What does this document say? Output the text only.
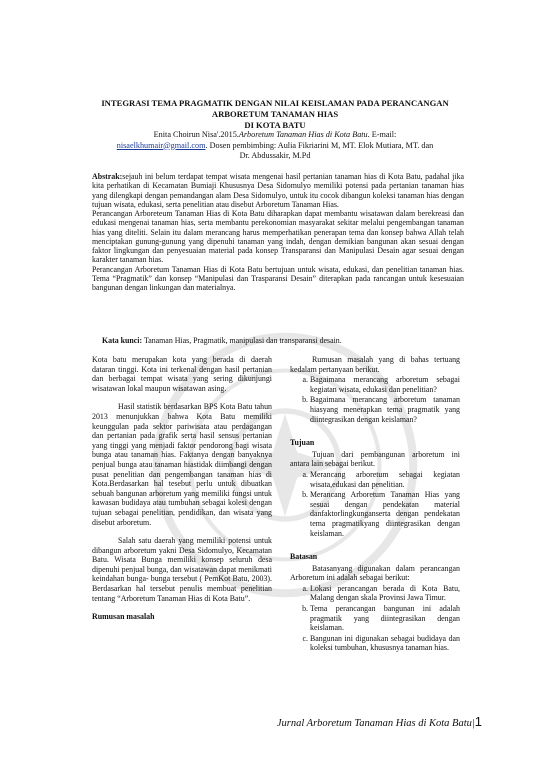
INTEGRASI TEMA PRAGMATIK DENGAN NILAI KEISLAMAN PADA PERANCANGAN
ARBORETUM TANAMAN HIAS
DI KOTA BATU
Enita Choirun Nisa'.2015.Arboretum Tanaman Hias di Kota Batu. E-mail:
nisaelkhumair@gmail.com. Dosen pembimbing: Aulia Fikriarini M, MT. Elok Mutiara, MT. dan
Dr. Abdussakir, M.Pd

Abstrak:sejauh ini belum terdapat tempat wisata mengenai hasil pertanian tanaman hias di Kota Batu, padahal jika kita perhatikan di Kecamatan Bumiaji Khususnya Desa Sidomulyo memiliki potensi pada pertanian tanaman hias yang dilengkapi dengan pemandangan alam Desa Sidomulyo, untuk itu cocok dibangun koleksi tanaman hias dengan tujuan wisata, edukasi, serta penelitian atau disebut Arboretum Tanaman Hias.

Perancangan Arboreteum Tanaman Hias di Kota Batu diharapkan dapat membantu wisatawan dalam berekreasi dan edukasi mengenai tanaman hias, serta membantu perekonomian masyarakat sekitar melalui pengembangan tanaman hias yang diteliti. Selain itu dalam merancang harus memperhatikan penerapan tema dan konsep bahwa Allah telah menciptakan gunung-gunung yang dipenuhi tanaman yang indah, dengan demikian bangunan akan sesuai dengan faktor lingkungan dan penyesuaian material pada konsep Transparansi dan Manipulasi Desain agar sesuai dengan karakter tanaman hias.

Perancangan Arboretum Tanaman Hias di Kota Batu bertujuan untuk wisata, edukasi, dan penelitian tanaman hias. Tema “Pragmatik” dan konsep “Manipulasi dan Trasparansi Desain” diterapkan pada rancangan untuk kesesuaian bangunan dengan linkungan dan materialnya.

Kata kunci: Tanaman Hias, Pragmatik, manipulasi dan transparansi desain.

Kota batu merupakan kota yang berada di daerah dataran tinggi. Kota ini terkenal dengan hasil pertanian dan berbagai tempat wisata yang sering dikunjungi wisatawan lokal maupun wisatawan asing.

Hasil statistik berdasarkan BPS Kota Batu tahun 2013 menunjukkan bahwa Kota Batu memiliki keunggulan pada sektor pariwisata atau perdagangan dan pertanian pada grafik serta hasil sensus pertanian yang tinggi yang menjadi faktor pendorong bagi wisata bunga atau tanaman hias. Faktanya dengan banyaknya penjual bunga atau tanaman hiastidak diimbangi dengan pusat penelitian dan pengembangan tanaman hias di Kota.Berdasarkan hal tesebut perlu untuk dibuatkan sebuah bangunan arboretum yang memiliki fungsi untuk kawasan budidaya atau tumbuhan sebagai kolesi dengan tujuan sebagai penelitian, pendidikan, dan wisata yang disebut arboretum.

Salah satu daerah yang memiliki potensi untuk dibangun arboretum yakni Desa Sidomulyo, Kecamatan Batu. Wisata Bunga memiliki konsep seluruh desa dipenuhi penjual bunga, dan wisatawan dapat menikmati keindahan bunga- bunga tersebut ( PemKot Batu, 2003). Berdasarkan hal tersebut penulis membuat penelitian tentang “Arboretum Tanaman Hias di Kota Batu”.

Rumusan masalah

Rumusan masalah yang di bahas tertuang kedalam pertanyaan berikut.

a. Bagaimana merancang arboretum sebagai kegiatan wisata, edukasi dan penelitian?
b. Bagaimana merancang arboretum tanaman hiasyang menerapkan tema pragmatik yang diintegrasikan dengan keislaman?
Tujuan

Tujuan dari pembangunan arboretum ini antara lain sebagai berikut.

a. Merancang arboretum sebagai kegiatan wisata,edukasi dan penelitian.
b. Merancang Arboretum Tanaman Hias yang sesuai dengan pendekatan material danfaktorlingkunganserta dengan pendekatan tema pragmatikyang diintegrasikan dengan keislaman.
Batasan

Batasanyang digunakan dalam perancangan Arboretum ini adalah sebagai berikut:

a. Lokasi perancangan berada di Kota Batu, Malang dengan skala Provinsi Jawa Timur.
b. Tema perancangan bangunan ini adalah pragmatik yang diintegrasikan dengan keislaman.
c. Bangunan ini digunakan sebagai budidaya dan koleksi tumbuhan, khususnya tanaman hias.
Jurnal Arboretum Tanaman Hias di Kota Batu|1
